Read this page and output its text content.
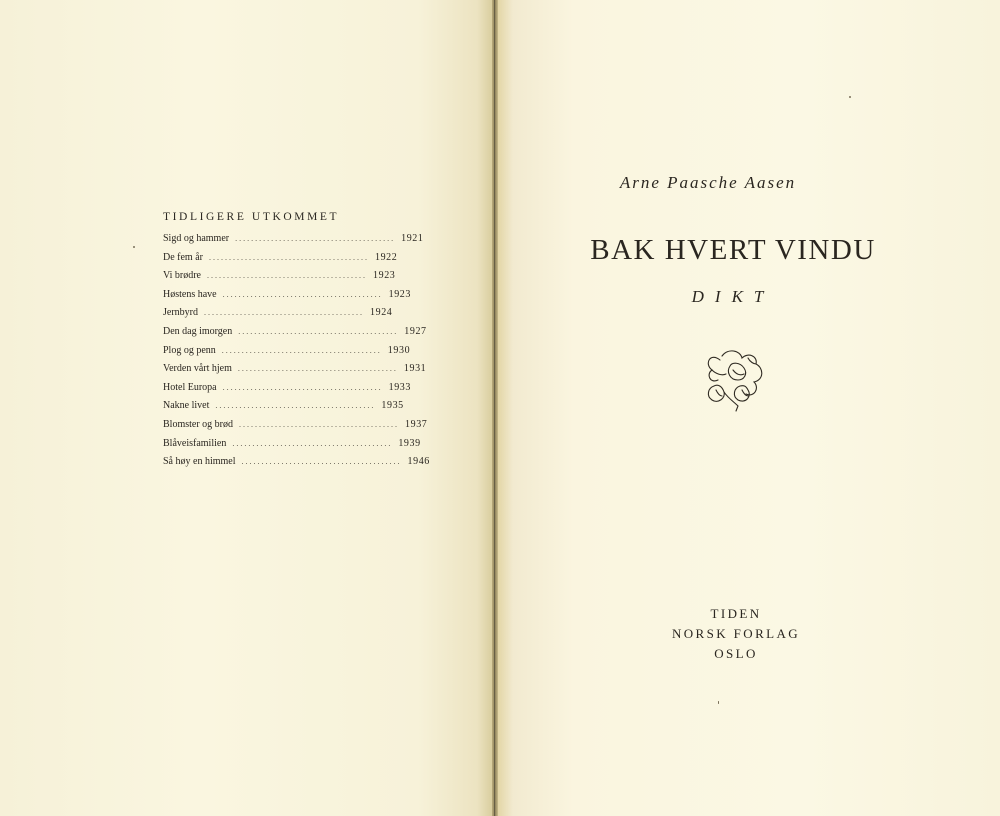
TIDLIGERE UTKOMMET
Sigd og hammer ........................................ 1921
De fem år ........................................ 1922
Vi brødre ........................................ 1923
Høstens have ........................................ 1923
Jernbyrd ........................................ 1924
Den dag imorgen ........................................ 1927
Plog og penn ........................................ 1930
Verden vårt hjem ........................................ 1931
Hotel Europa ........................................ 1933
Nakne livet ........................................ 1935
Blomster og brød ........................................ 1937
Blåveisfamilien ........................................ 1939
Så høy en himmel ........................................ 1946
Arne Paasche Aasen
BAK HVERT VINDU
DIKT
TIDEN
NORSK FORLAG
OSLO
